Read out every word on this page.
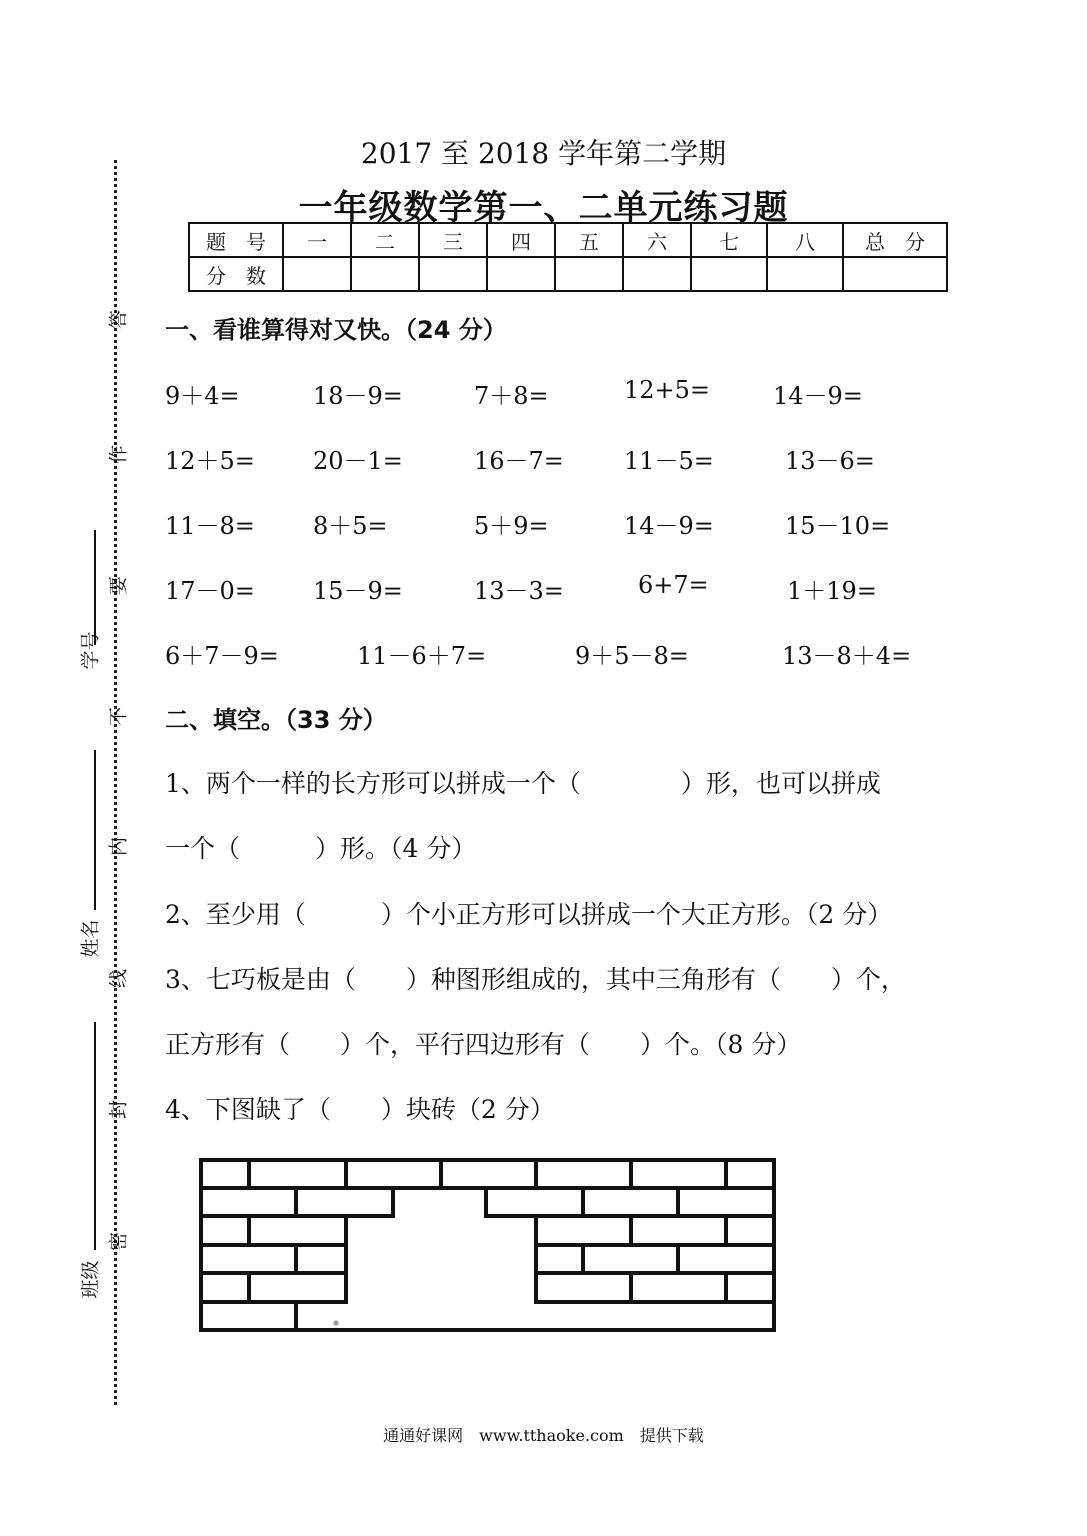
2017 至 2018 学年第二学期
一年级数学第一、二单元练习题
题　号	一	二	三	四	五	六	七	八	总　分
分　数									
答
作
要
不
内
线
封
密
学号
姓名
班级
一、看谁算得对又快。（24 分）
9＋4=	18－9=	7＋8=	12+5=	14－9=
12＋5= 20－1=	16－7=	11－5=	13－6=
11－8= 8＋5=	5＋9=	14－9=	15－10=
17－0= 15－9=	13－3=	6+7=	1＋19=
6＋7－9=	11－6＋7=	9＋5－8=	13－8＋4=
二、填空。（33 分）
1、两个一样的长方形可以拼成一个（　　　　）形，也可以拼成
一个（　　　）形。（4 分）
2、至少用（　　　）个小正方形可以拼成一个大正方形。（2 分）
3、七巧板是由（　　）种图形组成的，其中三角形有（　　）个，
正方形有（　　）个，平行四边形有（　　）个。（8 分）
4、下图缺了（　　）块砖（2 分）
通通好课网　www.tthaoke.com　提供下载
